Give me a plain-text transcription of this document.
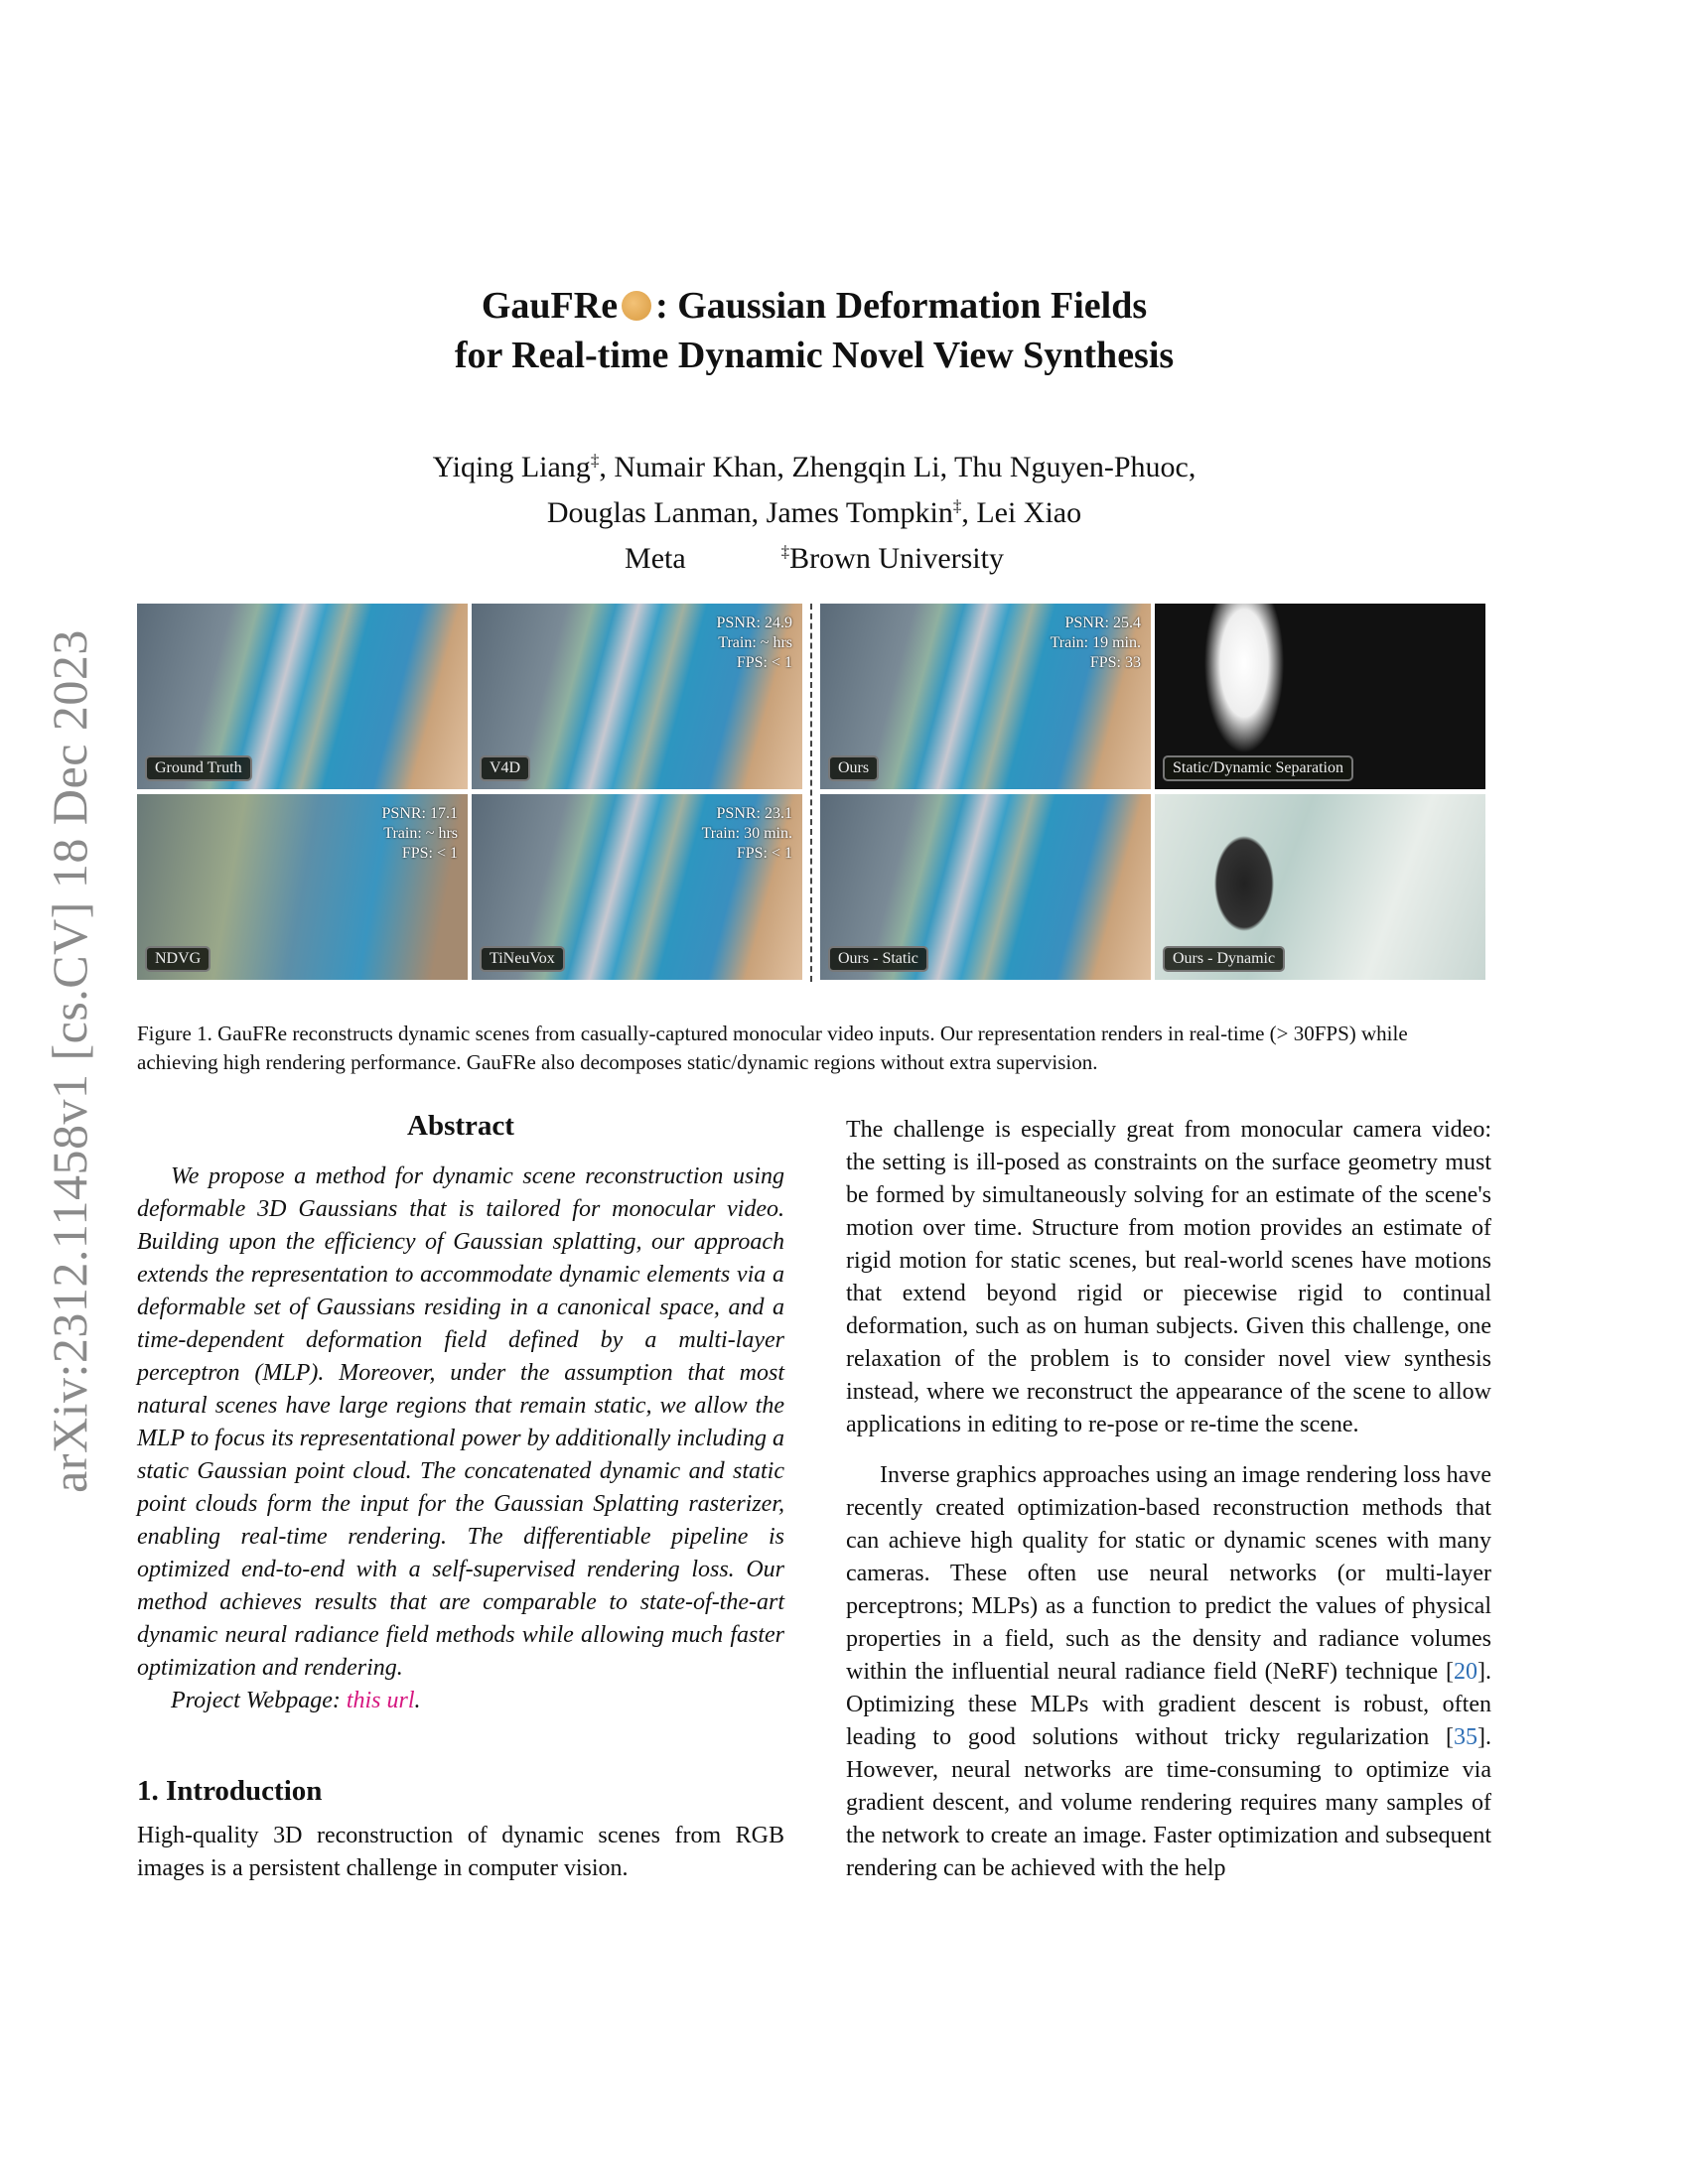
arXiv:2312.11458v1 [cs.CV] 18 Dec 2023
GauFRe : Gaussian Deformation Fields
for Real-time Dynamic Novel View Synthesis
Yiqing Liang‡, Numair Khan, Zhengqin Li, Thu Nguyen-Phuoc,
Douglas Lanman, James Tompkin‡, Lei Xiao
Meta	‡Brown University
Ground Truth
PSNR: 24.9
Train: ~ hrs
FPS: < 1
V4D
PSNR: 25.4
Train: 19 min.
FPS: 33
Ours	Static/Dynamic Separation
PSNR: 17.1
Train: ~ hrs
FPS: < 1
NDVG
PSNR: 23.1
Train: 30 min.
FPS: < 1
TiNeuVox	Ours - Static	Ours - Dynamic
Figure 1. GauFRe reconstructs dynamic scenes from casually-captured monocular video inputs. Our representation renders in real-time (> 30FPS) while achieving high rendering performance. GauFRe also decomposes static/dynamic regions without extra supervision.
Abstract

We propose a method for dynamic scene reconstruction using deformable 3D Gaussians that is tailored for monocular video. Building upon the efficiency of Gaussian splatting, our approach extends the representation to accommodate dynamic elements via a deformable set of Gaussians residing in a canonical space, and a time-dependent deformation field defined by a multi-layer perceptron (MLP). Moreover, under the assumption that most natural scenes have large regions that remain static, we allow the MLP to focus its representational power by additionally including a static Gaussian point cloud. The concatenated dynamic and static point clouds form the input for the Gaussian Splatting rasterizer, enabling real-time rendering. The differentiable pipeline is optimized end-to-end with a self-supervised rendering loss. Our method achieves results that are comparable to state-of-the-art dynamic neural radiance field methods while allowing much faster optimization and rendering.

Project Webpage: this url.

1. Introduction

High-quality 3D reconstruction of dynamic scenes from RGB images is a persistent challenge in computer vision.

The challenge is especially great from monocular camera video: the setting is ill-posed as constraints on the surface geometry must be formed by simultaneously solving for an estimate of the scene's motion over time. Structure from motion provides an estimate of rigid motion for static scenes, but real-world scenes have motions that extend beyond rigid or piecewise rigid to continual deformation, such as on human subjects. Given this challenge, one relaxation of the problem is to consider novel view synthesis instead, where we reconstruct the appearance of the scene to allow applications in editing to re-pose or re-time the scene.

Inverse graphics approaches using an image rendering loss have recently created optimization-based reconstruction methods that can achieve high quality for static or dynamic scenes with many cameras. These often use neural networks (or multi-layer perceptrons; MLPs) as a function to predict the values of physical properties in a field, such as the density and radiance volumes within the influential neural radiance field (NeRF) technique [20]. Optimizing these MLPs with gradient descent is robust, often leading to good solutions without tricky regularization [35]. However, neural networks are time-consuming to optimize via gradient descent, and volume rendering requires many samples of the network to create an image. Faster optimization and subsequent rendering can be achieved with the help
